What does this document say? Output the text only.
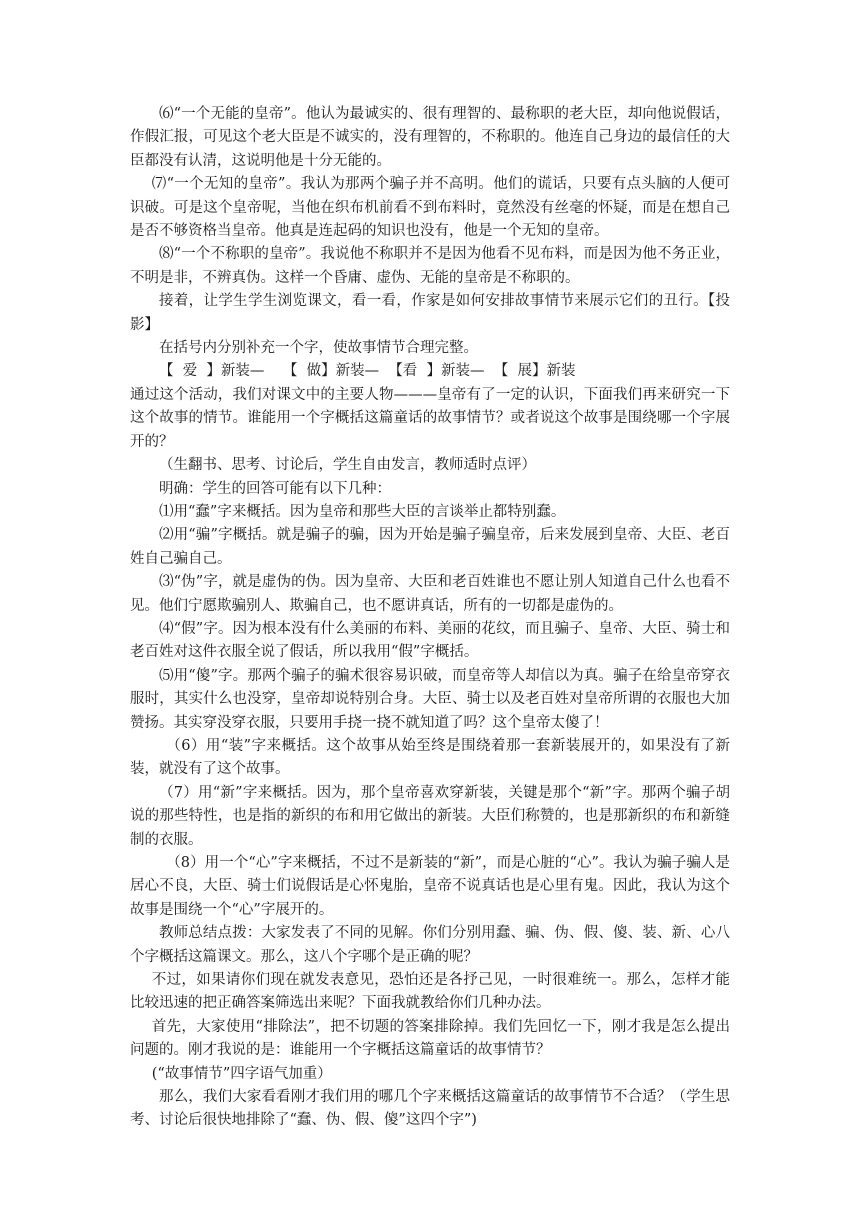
⑹“一个无能的皇帝”。他认为最诚实的、很有理智的、最称职的老大臣，却向他说假话，作假汇报，可见这个老大臣是不诚实的，没有理智的，不称职的。他连自己身边的最信任的大臣都没有认清，这说明他是十分无能的。

⑺“一个无知的皇帝”。我认为那两个骗子并不高明。他们的谎话，只要有点头脑的人便可识破。可是这个皇帝呢，当他在织布机前看不到布料时，竟然没有丝毫的怀疑，而是在想自己是否不够资格当皇帝。他真是连起码的知识也没有，他是一个无知的皇帝。

⑻“一个不称职的皇帝”。我说他不称职并不是因为他看不见布料，而是因为他不务正业，不明是非，不辨真伪。这样一个昏庸、虚伪、无能的皇帝是不称职的。

接着，让学生学生浏览课文，看一看，作家是如何安排故事情节来展示它们的丑行。【投影】

在括号内分别补充一个字，使故事情节合理完整。

【  爱  】新装—    【  做】新装—  【看  】新装—  【  展】新装

通过这个活动，我们对课文中的主要人物———皇帝有了一定的认识，下面我们再来研究一下这个故事的情节。谁能用一个字概括这篇童话的故事情节？或者说这个故事是围绕哪一个字展开的？

（生翻书、思考、讨论后，学生自由发言，教师适时点评）

明确：学生的回答可能有以下几种：

⑴用“蠢”字来概括。因为皇帝和那些大臣的言谈举止都特别蠢。

⑵用“骗”字概括。就是骗子的骗，因为开始是骗子骗皇帝，后来发展到皇帝、大臣、老百姓自己骗自己。

⑶“伪”字，就是虚伪的伪。因为皇帝、大臣和老百姓谁也不愿让别人知道自己什么也看不见。他们宁愿欺骗别人、欺骗自己，也不愿讲真话，所有的一切都是虚伪的。

⑷“假”字。因为根本没有什么美丽的布料、美丽的花纹，而且骗子、皇帝、大臣、骑士和老百姓对这件衣服全说了假话，所以我用“假”字概括。

⑸用“傻”字。那两个骗子的骗术很容易识破，而皇帝等人却信以为真。骗子在给皇帝穿衣服时，其实什么也没穿，皇帝却说特别合身。大臣、骑士以及老百姓对皇帝所谓的衣服也大加赞扬。其实穿没穿衣服，只要用手挠一挠不就知道了吗？这个皇帝太傻了！

（6）用“装”字来概括。这个故事从始至终是围绕着那一套新装展开的，如果没有了新装，就没有了这个故事。

（7）用“新”字来概括。因为，那个皇帝喜欢穿新装，关键是那个“新”字。那两个骗子胡说的那些特性，也是指的新织的布和用它做出的新装。大臣们称赞的，也是那新织的布和新缝制的衣服。

（8）用一个“心”字来概括，不过不是新装的“新”，而是心脏的“心”。我认为骗子骗人是居心不良，大臣、骑士们说假话是心怀鬼胎，皇帝不说真话也是心里有鬼。因此，我认为这个故事是围绕一个“心”字展开的。

教师总结点拨：大家发表了不同的见解。你们分别用蠢、骗、伪、假、傻、装、新、心八个字概括这篇课文。那么，这八个字哪个是正确的呢？

不过，如果请你们现在就发表意见，恐怕还是各抒己见，一时很难统一。那么，怎样才能比较迅速的把正确答案筛选出来呢？下面我就教给你们几种办法。

首先，大家使用“排除法”，把不切题的答案排除掉。我们先回忆一下，刚才我是怎么提出问题的。刚才我说的是：谁能用一个字概括这篇童话的故事情节？

(“故事情节”四字语气加重）

那么，我们大家看看刚才我们用的哪几个字来概括这篇童话的故事情节不合适？（学生思考、讨论后很快地排除了“蠢、伪、假、傻”这四个字”)
